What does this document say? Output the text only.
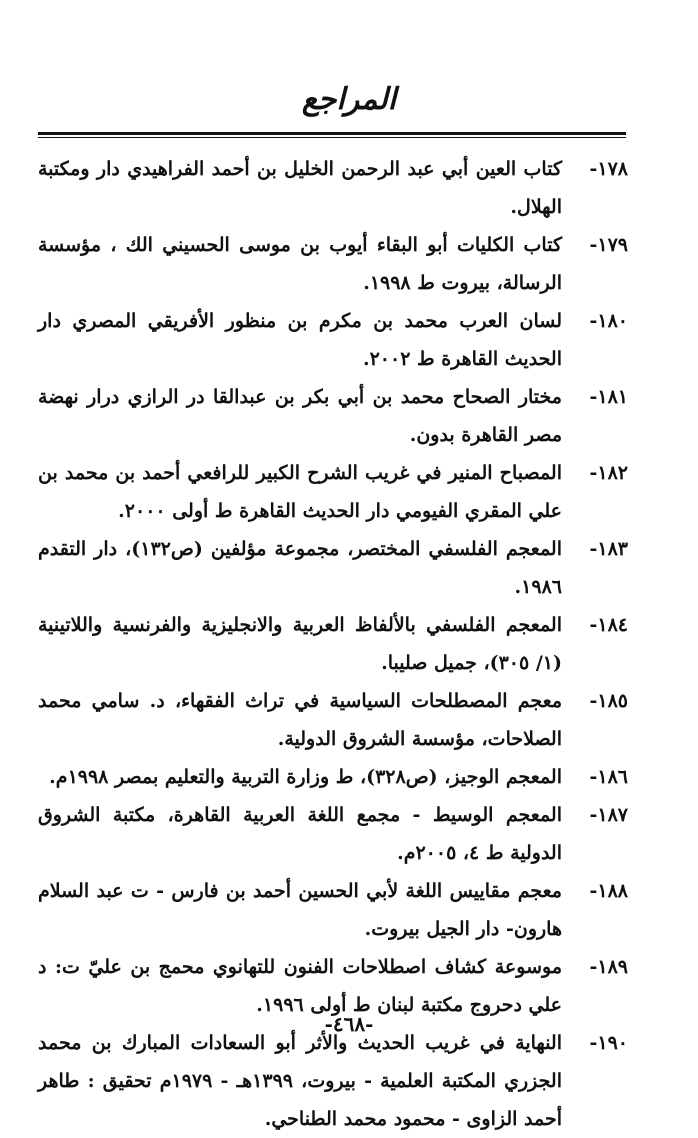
المراجع
١٧٨-كتاب العين أبي عبد الرحمن الخليل بن أحمد الفراهيدي دار ومكتبة الهلال.
١٧٩-كتاب الكليات أبو البقاء أيوب بن موسى الحسيني الك ، مؤسسة الرسالة، بيروت ط ١٩٩٨.
١٨٠-لسان العرب محمد بن مكرم بن منظور الأفريقي المصري دار الحديث القاهرة ط ٢٠٠٢.
١٨١-مختار الصحاح محمد بن أبي بكر بن عبدالقا در الرازي درار نهضة مصر القاهرة بدون.
١٨٢-المصباح المنير في غريب الشرح الكبير للرافعي أحمد بن محمد بن علي المقري الفيومي دار الحديث القاهرة ط أولى ٢٠٠٠.
١٨٣-المعجم الفلسفي المختصر، مجموعة مؤلفين (ص١٣٢)، دار التقدم ١٩٨٦.
١٨٤-المعجم الفلسفي بالألفاظ العربية والانجليزية والفرنسية واللاتينية (١/ ٣٠٥)، جميل صليبا.
١٨٥-معجم المصطلحات السياسية في تراث الفقهاء، د. سامي محمد الصلاحات، مؤسسة الشروق الدولية.
١٨٦-المعجم الوجيز، (ص٣٢٨)، ط وزارة التربية والتعليم بمصر ١٩٩٨م.
١٨٧-المعجم الوسيط - مجمع اللغة العربية القاهرة، مكتبة الشروق الدولية ط ٤، ٢٠٠٥م.
١٨٨-معجم مقاييس اللغة لأبي الحسين أحمد بن فارس - ت عبد السلام هارون- دار الجيل بيروت.
١٨٩-موسوعة كشاف اصطلاحات الفنون للتهانوي محمج بن عليّ ت: د علي دحروج مكتبة لبنان ط أولى ١٩٩٦.
١٩٠-النهاية في غريب الحديث والأثر أبو السعادات المبارك بن محمد الجزري المكتبة العلمية - بيروت، ١٣٩٩هـ - ١٩٧٩م تحقيق : طاهر أحمد الزاوى - محمود محمد الطناحي.
-٤٦٨-
